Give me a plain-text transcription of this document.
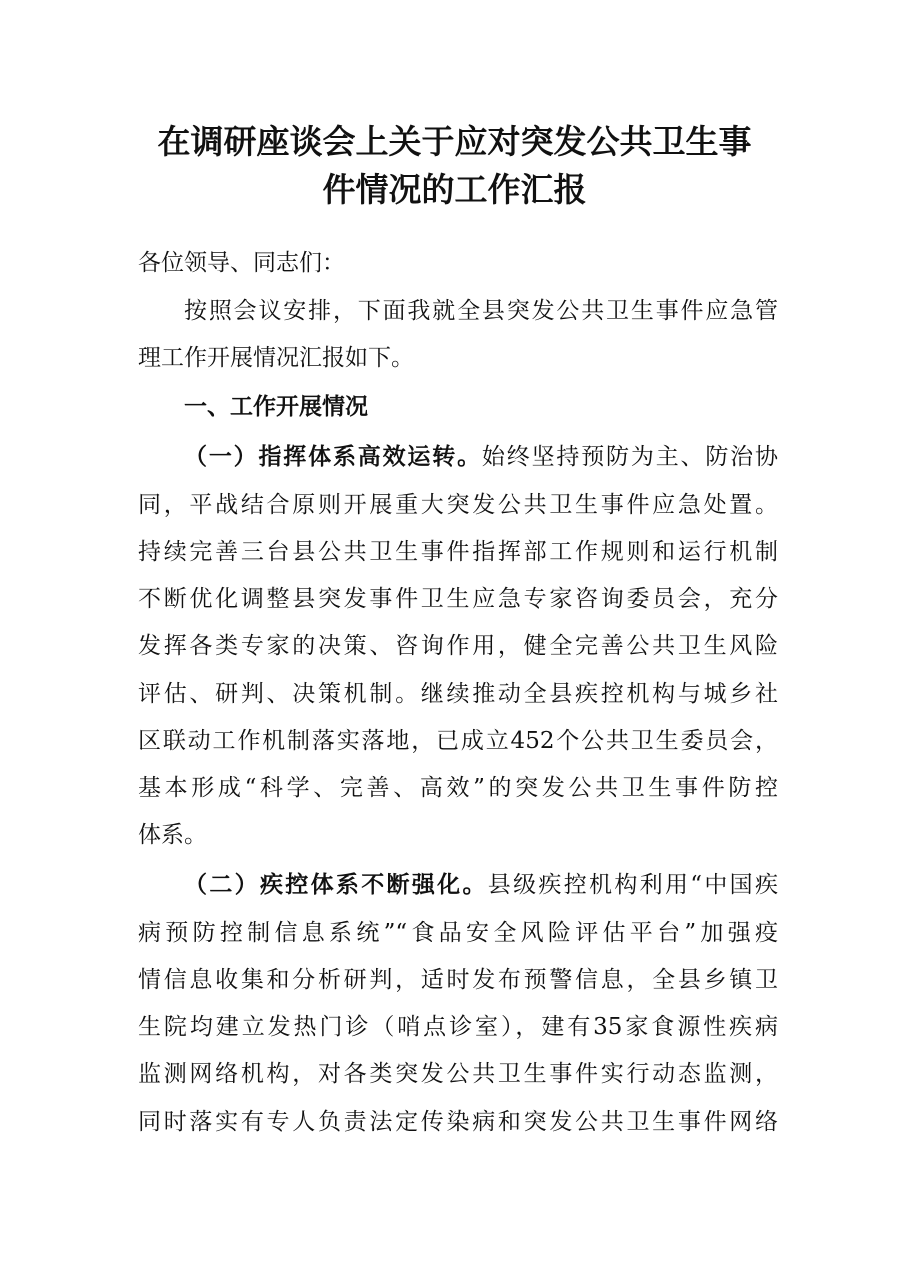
在调研座谈会上关于应对突发公共卫生事
件情况的工作汇报
各位领导、同志们：
按照会议安排，下面我就全县突发公共卫生事件应急管
理工作开展情况汇报如下。
一、工作开展情况
（一）指挥体系高效运转。始终坚持预防为主、防治协
同，平战结合原则开展重大突发公共卫生事件应急处置。
持续完善三台县公共卫生事件指挥部工作规则和运行机制
不断优化调整县突发事件卫生应急专家咨询委员会，充分
发挥各类专家的决策、咨询作用，健全完善公共卫生风险
评估、研判、决策机制。继续推动全县疾控机构与城乡社
区联动工作机制落实落地，已成立452个公共卫生委员会，
基本形成“科学、完善、高效”的突发公共卫生事件防控
体系。
（二）疾控体系不断强化。县级疾控机构利用“中国疾
病预防控制信息系统”“食品安全风险评估平台”加强疫
情信息收集和分析研判，适时发布预警信息，全县乡镇卫
生院均建立发热门诊（哨点诊室），建有35家食源性疾病
监测网络机构，对各类突发公共卫生事件实行动态监测，
同时落实有专人负责法定传染病和突发公共卫生事件网络
